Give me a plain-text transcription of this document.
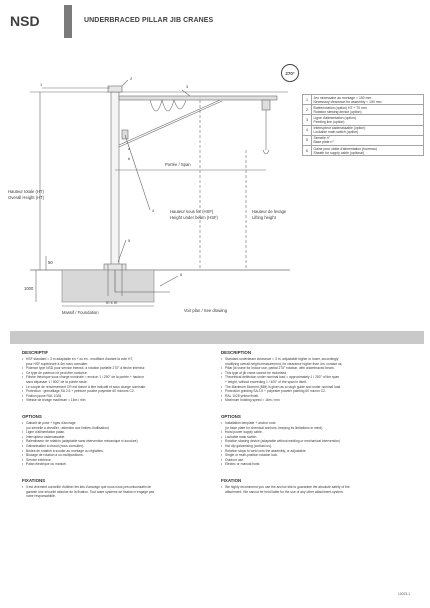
NSD	UNDERBRACED PILLAR JIB CRANES
1
2
3
4
5
6
a
b
Portée / Span
Hauteur totale (HT)
Overall Height (HT)
Hauteur sous fer (HSF)
Height under beam (HSF)
Hauteur de levage
Lifting height
50
1000
m x m
Massif / Foundation	Voir plan / See drawing
270°
1	Jeu nécessaire au montage = 150 mm
Necessary clearance for assembly = 150 mm

2	Butée/rotation (option) HT + 70 mm
Rotation slewing device (option)

3	Ligne d'alimentation (option)
Feeding line (option)

4	Interrupteur cadenassable (option)
Lockable main switch (option)

5	Semelle n°
Base plate n°

6	Gaine pour câble d'alimentation (fourreau)
Sheath for supply cable (optional)
DESCRIPTIF
• HSF standard = 3 m adaptable en + ou en - modifiant d'autant la cote HT,
pour HSF supérieure à 4m nous consulter.
• Potence type NSD pour service intense, à rotation partielle 270° à fleche intérieur.
• Ce type de potence ne peut être motorisé.
• Flèche théorique sous charge nominale = environ 1 / 250° de la portée + hauteur
sans dépasser 1 / 800° de la portée seule.
• Le couple de renversement CR est donné à titre indicatif et sous charge nominale.
• Protection : grenaillage SA 2.5 + peinture poudre polyester 60 microns C2.
• Finition jaune RAL 1028.
• Vitesse de levage maximum = 16m / min
OPTIONS
• Gabarit de pose + tiges d'ancrage
(ou semelle à cheviller : attention aux limites d'utilisation)
• Ligne d'alimentation palan.
• Interrupteur cadenassable.
• Ralentisseur de rotation (adaptable sans intervention mécanique ni soudure).
• Galvanisation à chaud (nous consulter).
• Brides de rotation à souder au montage ou réglables.
• Blocage de rotation à ou multipositions.
• Service extérieur.
• Palan électrique ou manuel.
FIXATIONS
• Il est vivement conseillé d'utiliser les kits d'ancrage que nous nous préconisonsafin de
garantir une sécurité absolue de la fixation. Tout autre système de fixation n'engage pas
notre responsabilité.
DESCRIPTION
• Standard underbeam clearance = 3 m, adjustable higher or lower, accordingly
modifying overall height measurement, for clearance higher than 4m, contact us.
• Pillar jib crane for indoor use, partial 270° rotation, with underbraced beam.
• This type of jib crane cannot be motorised.
• Theoretical deflection under nominal load = approximately 1 / 250° of the span
+ height, without exceeding 1 / 400° of the span in itself.
• The Maximum Moment (MM) is given as a rough guide and under nominal load.
• Protection grinding SA 2.5 + polyester powder painting 60 micron C2.
• RAL 1028 yellow finish.
• Maximum hoisting speed = 16m / min
OPTIONS
• Installation template + anchor rods
(or base plate for chemical anchors, keeping its limitations in mind).
• Hoist power supply cable.
• Lockable main switch.
• Rotation slowing device (adaptable without welding or mechanical intervention)
• Hot dip galvanising (contact us).
• Rotation stops to weld onto the assembly, or adjustable.
• Single or multi-position rotation lock.
• Outdoor use.
• Electric or manual hoist.
FIXATION
• We highly recommend you use the anchor kits to guarantee the absolute safety of the
attachment. We cannot be held liable for the use of any other attachment system.
10023-1
